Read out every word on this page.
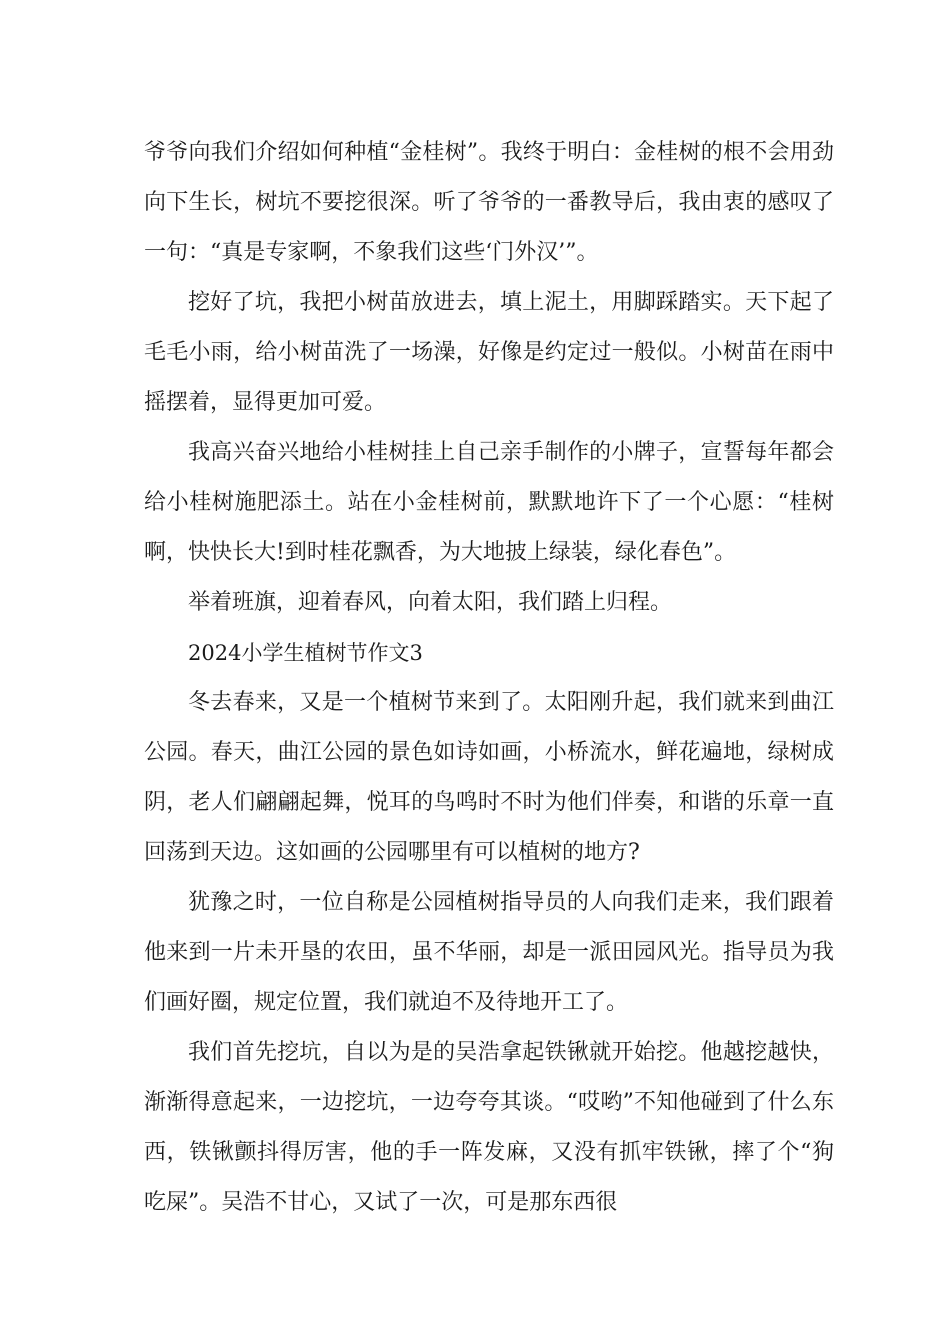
爷爷向我们介绍如何种植“金桂树”。我终于明白：金桂树的根不会用劲向下生长，树坑不要挖很深。听了爷爷的一番教导后，我由衷的感叹了一句：“真是专家啊，不象我们这些‘门外汉’”。

挖好了坑，我把小树苗放进去，填上泥土，用脚踩踏实。天下起了毛毛小雨，给小树苗洗了一场澡，好像是约定过一般似。小树苗在雨中摇摆着，显得更加可爱。

我高兴奋兴地给小桂树挂上自己亲手制作的小牌子，宣誓每年都会给小桂树施肥添土。站在小金桂树前，默默地许下了一个心愿：“桂树啊，快快长大!到时桂花飘香，为大地披上绿装，绿化春色”。

举着班旗，迎着春风，向着太阳，我们踏上归程。

2024小学生植树节作文3

冬去春来，又是一个植树节来到了。太阳刚升起，我们就来到曲江公园。春天，曲江公园的景色如诗如画，小桥流水，鲜花遍地，绿树成阴，老人们翩翩起舞，悦耳的鸟鸣时不时为他们伴奏，和谐的乐章一直回荡到天边。这如画的公园哪里有可以植树的地方?

犹豫之时，一位自称是公园植树指导员的人向我们走来，我们跟着他来到一片未开垦的农田，虽不华丽，却是一派田园风光。指导员为我们画好圈，规定位置，我们就迫不及待地开工了。

我们首先挖坑，自以为是的吴浩拿起铁锹就开始挖。他越挖越快，渐渐得意起来，一边挖坑，一边夸夸其谈。“哎哟”不知他碰到了什么东西，铁锹颤抖得厉害，他的手一阵发麻，又没有抓牢铁锹，摔了个“狗吃屎”。吴浩不甘心，又试了一次，可是那东西很
